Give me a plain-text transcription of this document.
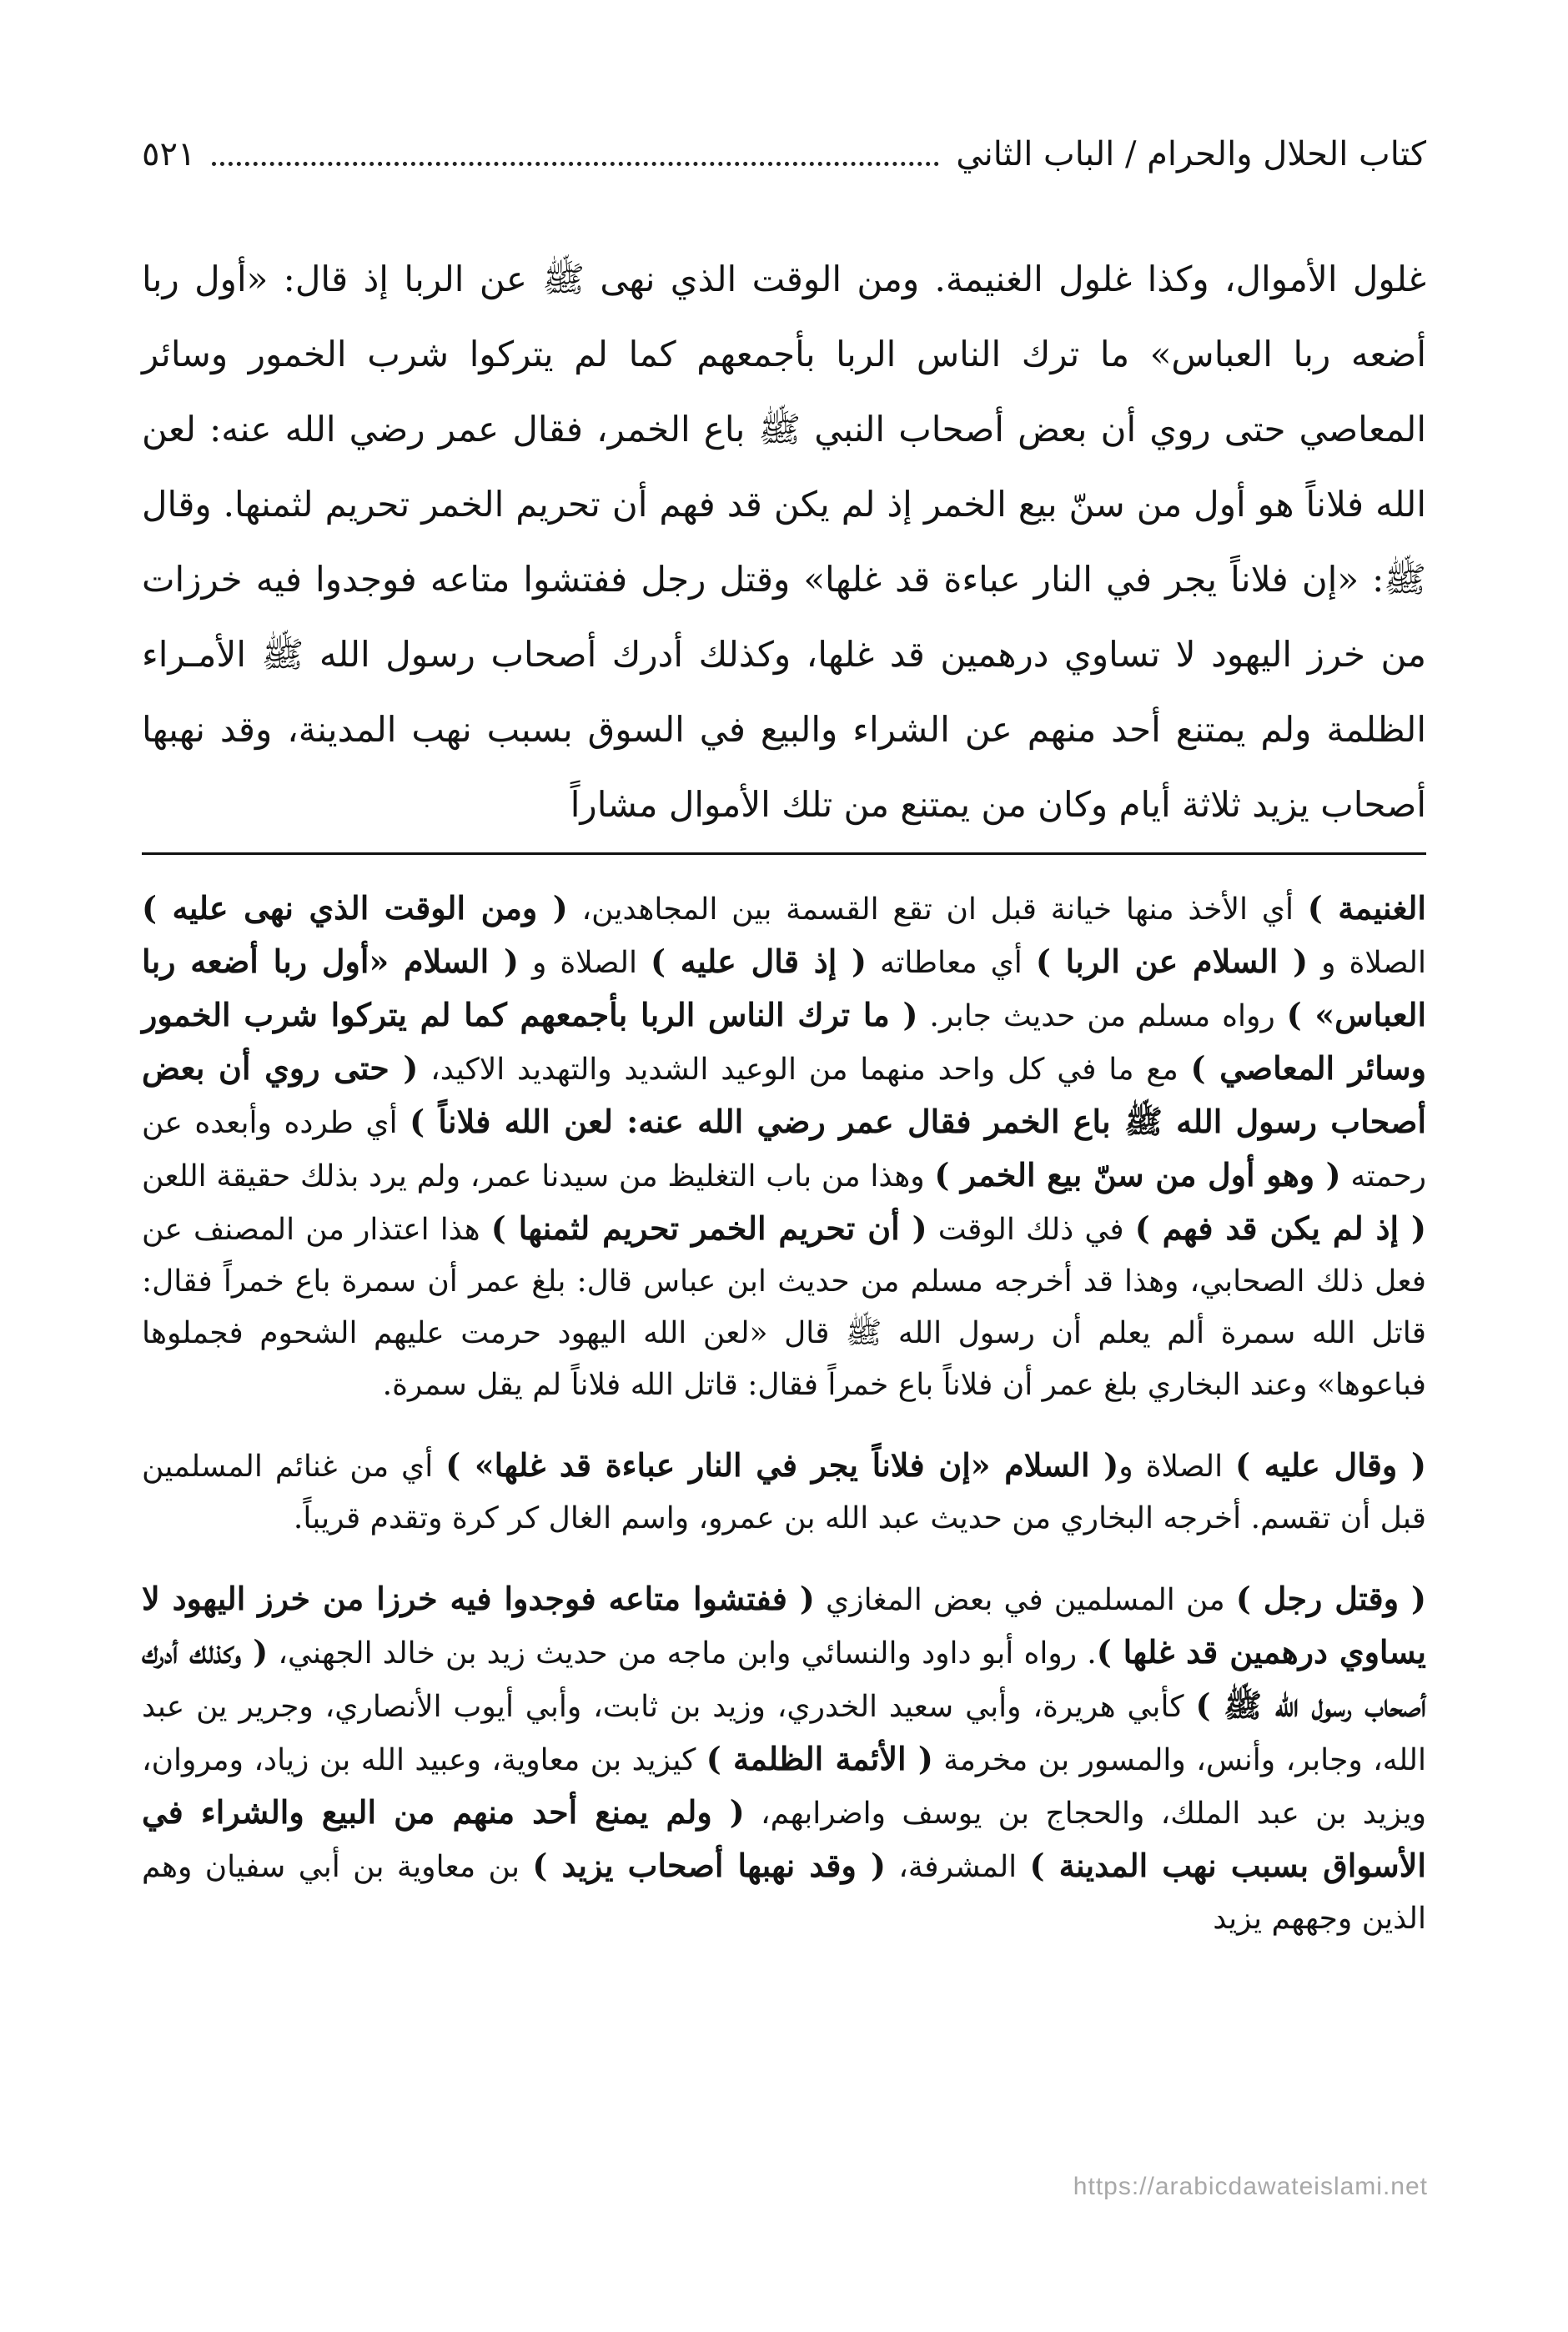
كتاب الحلال والحرام / الباب الثاني
٥٢١

غلول الأموال، وكذا غلول الغنيمة. ومن الوقت الذي نهى ﷺ عن الربا إذ قال: «أول ربا أضعه ربا العباس» ما ترك الناس الربا بأجمعهم كما لم يتركوا شرب الخمور وسائر المعاصي حتى روي أن بعض أصحاب النبي ﷺ باع الخمر، فقال عمر رضي الله عنه: لعن الله فلاناً هو أول من سنّ بيع الخمر إذ لم يكن قد فهم أن تحريم الخمر تحريم لثمنها. وقال ﷺ: «إن فلاناً يجر في النار عباءة قد غلها» وقتل رجل ففتشوا متاعه فوجدوا فيه خرزات من خرز اليهود لا تساوي درهمين قد غلها، وكذلك أدرك أصحاب رسول الله ﷺ الأمـراء الظلمة ولم يمتنع أحد منهم عن الشراء والبيع في السوق بسبب نهب المدينة، وقد نهبها أصحاب يزيد ثلاثة أيام وكان من يمتنع من تلك الأموال مشاراً

الغنيمة ) أي الأخذ منها خيانة قبل ان تقع القسمة بين المجاهدين، ( ومن الوقت الذي نهى عليه ) الصلاة و ( السلام عن الربا ) أي معاطاته ( إذ قال عليه ) الصلاة و ( السلام «أول ربا أضعه ربا العباس» ) رواه مسلم من حديث جابر. ( ما ترك الناس الربا بأجمعهم كما لم يتركوا شرب الخمور وسائر المعاصي ) مع ما في كل واحد منهما من الوعيد الشديد والتهديد الاكيد، ( حتى روي أن بعض أصحاب رسول الله ﷺ باع الخمر فقال عمر رضي الله عنه: لعن الله فلاناً ) أي طرده وأبعده عن رحمته ( وهو أول من سنّ بيع الخمر ) وهذا من باب التغليظ من سيدنا عمر، ولم يرد بذلك حقيقة اللعن ( إذ لم يكن قد فهم ) في ذلك الوقت ( أن تحريم الخمر تحريم لثمنها ) هذا اعتذار من المصنف عن فعل ذلك الصحابي، وهذا قد أخرجه مسلم من حديث ابن عباس قال: بلغ عمر أن سمرة باع خمراً فقال: قاتل الله سمرة ألم يعلم أن رسول الله ﷺ قال «لعن الله اليهود حرمت عليهم الشحوم فجملوها فباعوها» وعند البخاري بلغ عمر أن فلاناً باع خمراً فقال: قاتل الله فلاناً لم يقل سمرة.

( وقال عليه ) الصلاة و( السلام «إن فلاناً يجر في النار عباءة قد غلها» ) أي من غنائم المسلمين قبل أن تقسم. أخرجه البخاري من حديث عبد الله بن عمرو، واسم الغال كر كرة وتقدم قريباً.

( وقتل رجل ) من المسلمين في بعض المغازي ( ففتشوا متاعه فوجدوا فيه خرزا من خرز اليهود لا يساوي درهمين قد غلها ). رواه أبو داود والنسائي وابن ماجه من حديث زيد بن خالد الجهني، ( وكذلك أدرك أصحاب رسول الله ﷺ ) كأبي هريرة، وأبي سعيد الخدري، وزيد بن ثابت، وأبي أيوب الأنصاري، وجرير ين عبد الله، وجابر، وأنس، والمسور بن مخرمة ( الأئمة الظلمة ) كيزيد بن معاوية، وعبيد الله بن زياد، ومروان، ويزيد بن عبد الملك، والحجاج بن يوسف واضرابهم، ( ولم يمنع أحد منهم من البيع والشراء في الأسواق بسبب نهب المدينة ) المشرفة، ( وقد نهبها أصحاب يزيد ) بن معاوية بن أبي سفيان وهم الذين وجههم يزيد

https://arabicdawateislami.net
